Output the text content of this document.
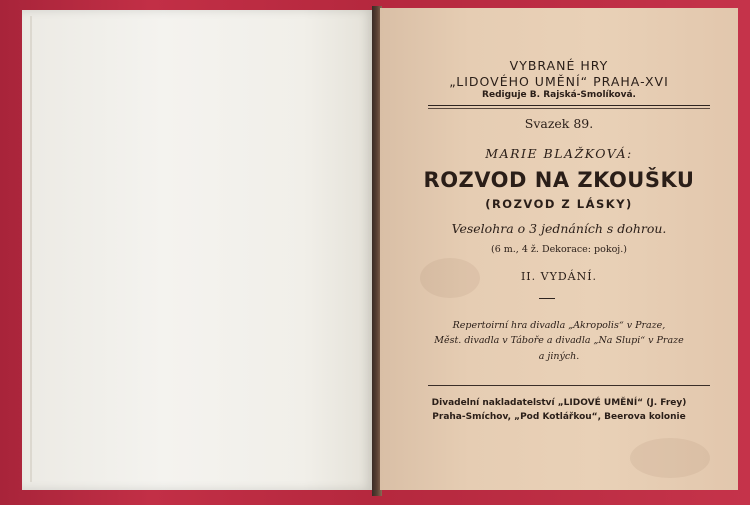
VYBRANÉ HRY
„LIDOVÉHO UMĚNÍ“ PRAHA-XVI
Rediguje B. Rajská-Smolíková.
Svazek 89.
MARIE BLAŽKOVÁ:
ROZVOD NA ZKOUŠKU
(ROZVOD Z LÁSKY)
Veselohra o 3 jednáních s dohrou.
(6 m., 4 ž. Dekorace: pokoj.)
II. VYDÁNÍ.
Repertoirní hra divadla „Akropolis“ v Praze,
Měst. divadla v Táboře a divadla „Na Slupi“ v Praze
a jiných.
Divadelní nakladatelství „LIDOVÉ UMĚNÍ“ (J. Frey)
Praha-Smíchov, „Pod Kotlářkou“, Beerova kolonie
